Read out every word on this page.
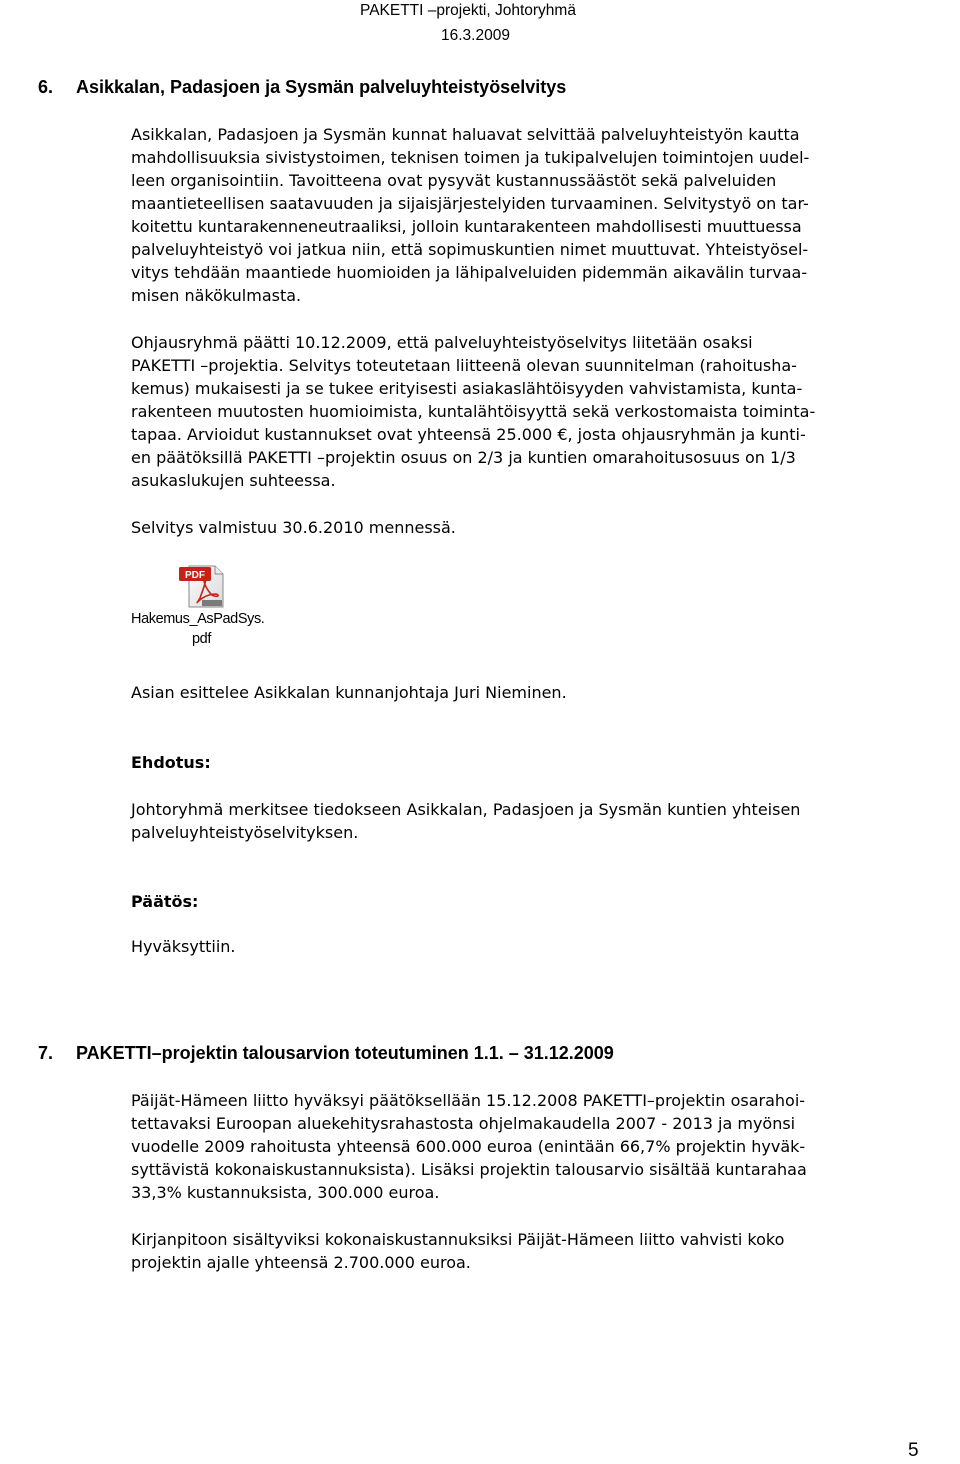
PAKETTI –projekti, Johtoryhmä
16.3.2009
6. Asikkalan, Padasjoen ja Sysmän palveluyhteistyöselvitys
Asikkalan, Padasjoen ja Sysmän kunnat haluavat selvittää palveluyhteistyön kautta
mahdollisuuksia sivistystoimen, teknisen toimen ja tukipalvelujen toimintojen uudel-
leen organisointiin. Tavoitteena ovat pysyvät kustannussäästöt sekä palveluiden
maantieteellisen saatavuuden ja sijaisjärjestelyiden turvaaminen. Selvitystyö on tar-
koitettu kuntarakenneneutraaliksi, jolloin kuntarakenteen mahdollisesti muuttuessa
palveluyhteistyö voi jatkua niin, että sopimuskuntien nimet muuttuvat. Yhteistyösel-
vitys tehdään maantiede huomioiden ja lähipalveluiden pidemmän aikavälin turvaa-
misen näkökulmasta.
Ohjausryhmä päätti 10.12.2009, että palveluyhteistyöselvitys liitetään osaksi
PAKETTI –projektia. Selvitys toteutetaan liitteenä olevan suunnitelman (rahoitusha-
kemus) mukaisesti ja se tukee erityisesti asiakaslähtöisyyden vahvistamista, kunta-
rakenteen muutosten huomioimista, kuntalähtöisyyttä sekä verkostomaista toiminta-
tapaa. Arvioidut kustannukset ovat yhteensä 25.000 €, josta ohjausryhmän ja kunti-
en päätöksillä PAKETTI –projektin osuus on 2/3 ja kuntien omarahoitusosuus on 1/3
asukaslukujen suhteessa.
Selvitys valmistuu 30.6.2010 mennessä.
PDF
Hakemus_AsPadSys.
pdf
Asian esittelee Asikkalan kunnanjohtaja Juri Nieminen.
Ehdotus:
Johtoryhmä merkitsee tiedokseen Asikkalan, Padasjoen ja Sysmän kuntien yhteisen
palveluyhteistyöselvityksen.
Päätös:
Hyväksyttiin.
7. PAKETTI–projektin talousarvion toteutuminen 1.1. – 31.12.2009
Päijät-Hämeen liitto hyväksyi päätöksellään 15.12.2008 PAKETTI–projektin osarahoi-
tettavaksi Euroopan aluekehitysrahastosta ohjelmakaudella 2007 - 2013 ja myönsi
vuodelle 2009 rahoitusta yhteensä 600.000 euroa (enintään 66,7% projektin hyväk-
syttävistä kokonaiskustannuksista). Lisäksi projektin talousarvio sisältää kuntarahaa
33,3% kustannuksista, 300.000 euroa.
Kirjanpitoon sisältyviksi kokonaiskustannuksiksi Päijät-Hämeen liitto vahvisti koko
projektin ajalle yhteensä 2.700.000 euroa.
5
